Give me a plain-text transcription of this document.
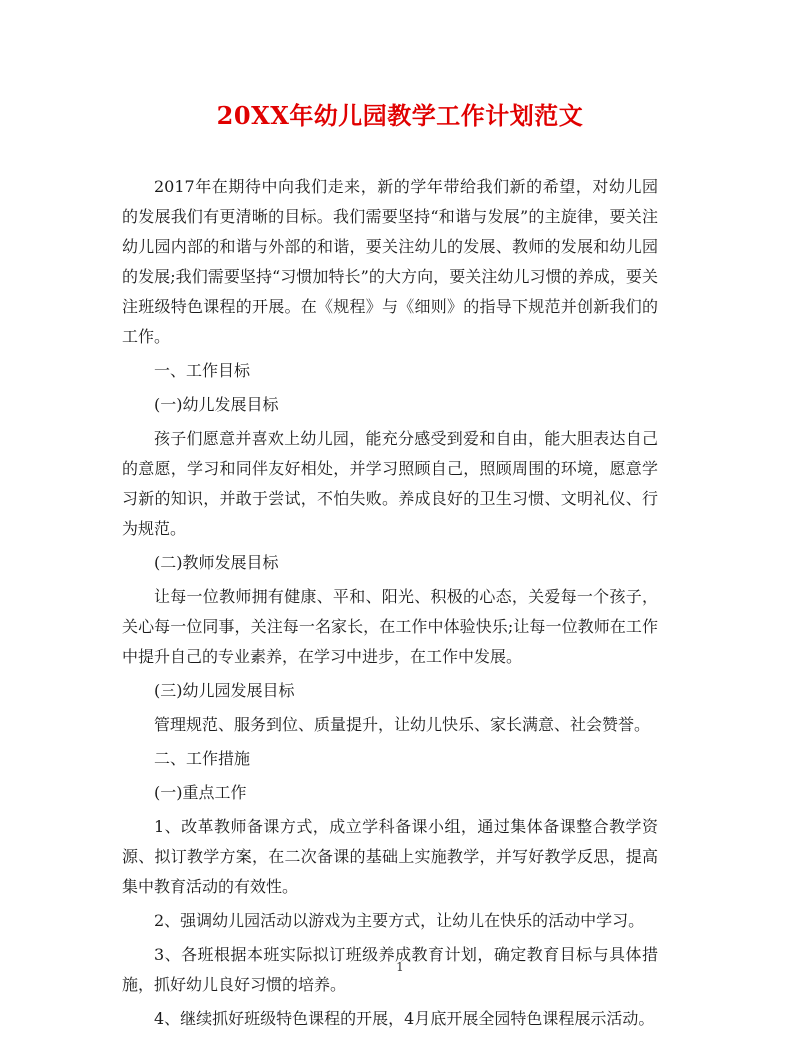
20XX年幼儿园教学工作计划范文

2017年在期待中向我们走来，新的学年带给我们新的希望，对幼儿园的发展我们有更清晰的目标。我们需要坚持“和谐与发展”的主旋律，要关注幼儿园内部的和谐与外部的和谐，要关注幼儿的发展、教师的发展和幼儿园的发展;我们需要坚持“习惯加特长”的大方向，要关注幼儿习惯的养成，要关注班级特色课程的开展。在《规程》与《细则》的指导下规范并创新我们的工作。

一、工作目标

(一)幼儿发展目标

孩子们愿意并喜欢上幼儿园，能充分感受到爱和自由，能大胆表达自己的意愿，学习和同伴友好相处，并学习照顾自己，照顾周围的环境，愿意学习新的知识，并敢于尝试，不怕失败。养成良好的卫生习惯、文明礼仪、行为规范。

(二)教师发展目标

让每一位教师拥有健康、平和、阳光、积极的心态，关爱每一个孩子，关心每一位同事，关注每一名家长，在工作中体验快乐;让每一位教师在工作中提升自己的专业素养，在学习中进步，在工作中发展。

(三)幼儿园发展目标

管理规范、服务到位、质量提升，让幼儿快乐、家长满意、社会赞誉。

二、工作措施

(一)重点工作

1、改革教师备课方式，成立学科备课小组，通过集体备课整合教学资源、拟订教学方案，在二次备课的基础上实施教学，并写好教学反思，提高集中教育活动的有效性。

2、强调幼儿园活动以游戏为主要方式，让幼儿在快乐的活动中学习。

3、各班根据本班实际拟订班级养成教育计划，确定教育目标与具体措施，抓好幼儿良好习惯的培养。

4、继续抓好班级特色课程的开展，4月底开展全园特色课程展示活动。

1
